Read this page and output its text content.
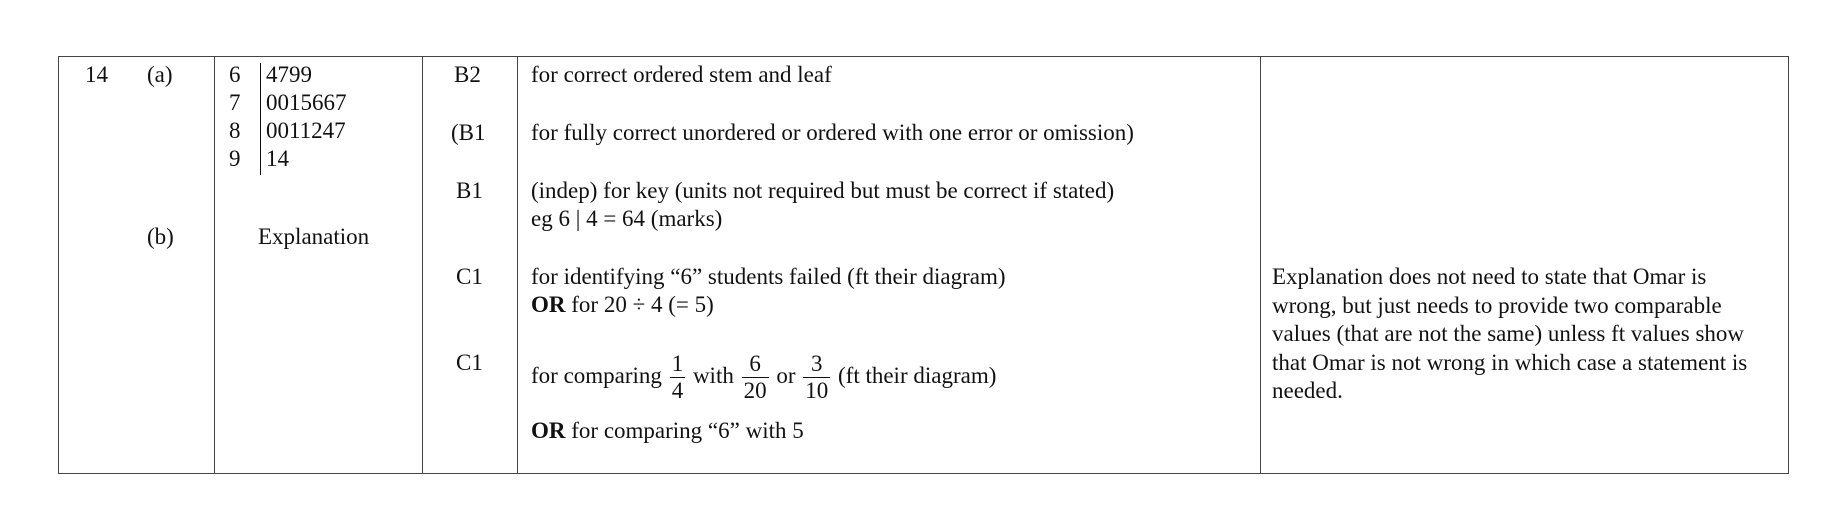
14 (a)
(b)
6 4799
7 0015667
8 0011247
9 14
Explanation
B2
(B1
B1
C1
C1
for correct ordered stem and leaf
for fully correct unordered or ordered with one error or omission)
(indep) for key (units not required but must be correct if stated)
eg 6 | 4 = 64 (marks)
for identifying “6” students failed (ft their diagram)
OR for 20 ÷ 4 (= 5)
for comparing $\frac{1}{4}$ with $\frac{6}{20}$ or $\frac{3}{10} (ft$ their diagram)
OR for comparing “6” with 5
Explanation does not need to state that Omar is wrong, but just needs to provide two comparable values (that are not the same) unless ft values show that Omar is not wrong in which case a statement is needed.
